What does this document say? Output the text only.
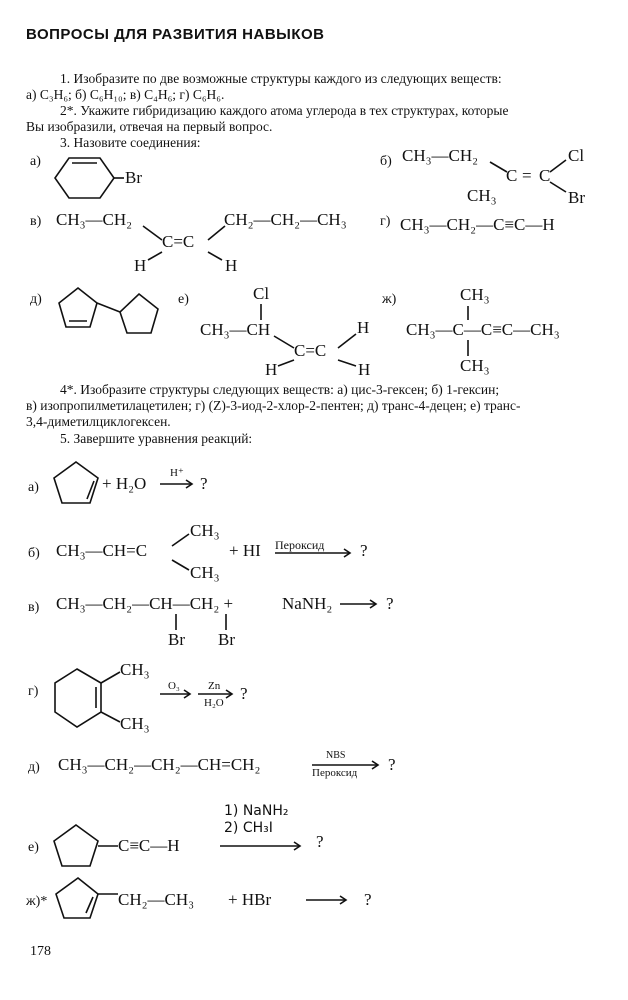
ВОПРОСЫ ДЛЯ РАЗВИТИЯ НАВЫКОВ
1. Изобразите по две возможные структуры каждого из следующих веществ:
а) C₃H₆; б) C₆H₁₀; в) C₄H₆; г) C₆H₆.
2*. Укажите гибридизацию каждого атома углерода в тех структурах, которые
Вы изобразили, отвечая на первый вопрос.
3. Назовите соединения:
а)
Br
б) CH₃—CH₂
CH₃
C = C
Cl
Br
в) CH₃—CH₂
C=C
CH₂—CH₂—CH₃
H	H
г) CH₃—CH₂—C≡C—H
д)	е)	Cl
CH₃—CH
C=C
H
H	H
ж)	CH₃
CH₃—C—C≡C—CH₃
CH₃
4*. Изобразите структуры следующих веществ: а) цис-3-гексен; б) 1-гексин;
в) изопропилметилацетилен; г) (Z)-3-иод-2-хлор-2-пентен; д) транс-4-децен; е) транс-
3,4-диметилциклогексен.
5. Завершите уравнения реакций:
а)	+ H₂O
H⁺
?
б) CH₃—CH=C
CH₃
CH₃
+ HI Пероксид ?
в) CH₃—CH₂—CH—CH₂ +	NaNH₂
Br Br
?
г)
CH₃
CH₃
O₃	Zn
H₂O ?
д) CH₃—CH₂—CH₂—CH=CH₂	NBS
Пероксид ?
е)	C≡C—H
1) NaNH₂
2) CH₃I
?
ж)*	CH₂—CH₃ + HBr	?
178
